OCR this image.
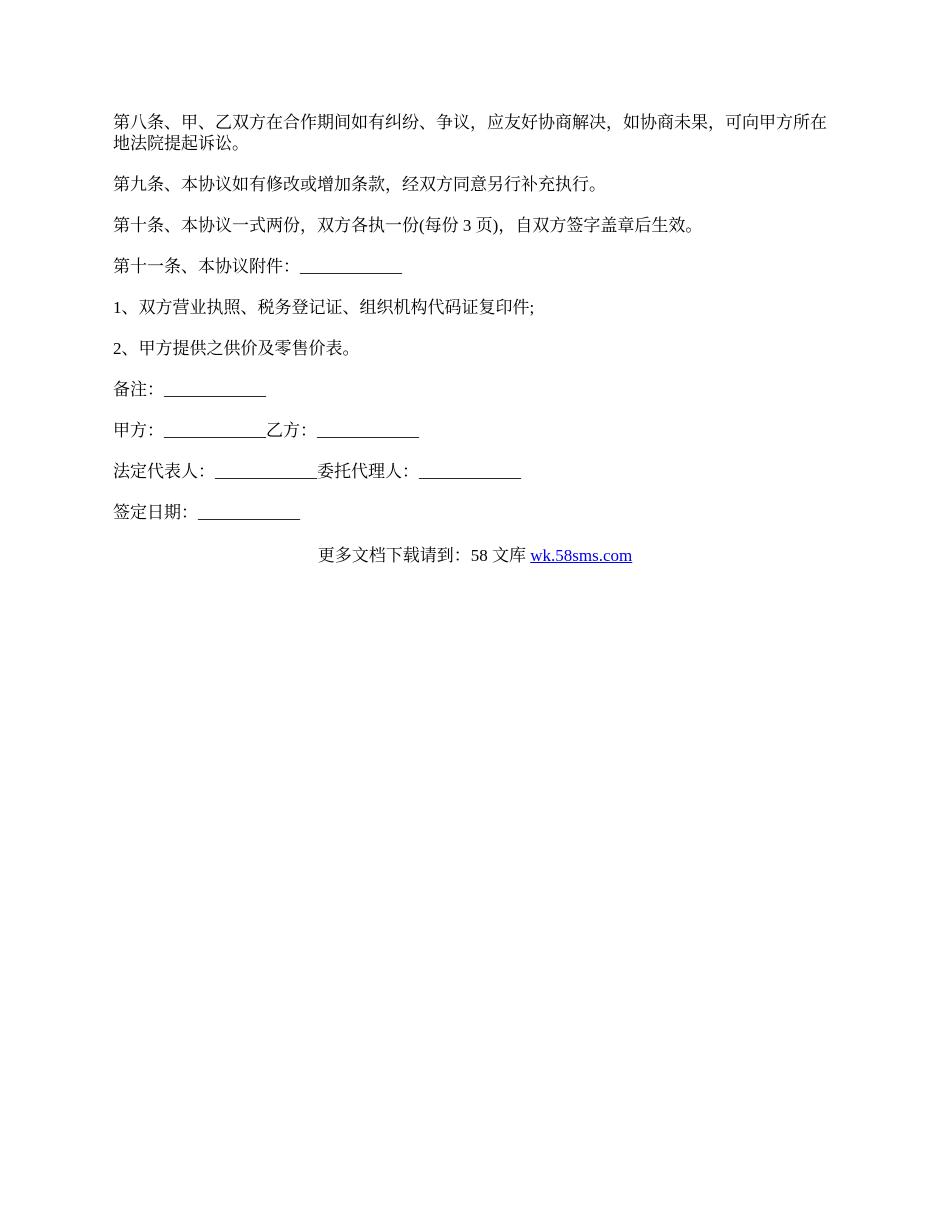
第八条、甲、乙双方在合作期间如有纠纷、争议，应友好协商解决，如协商未果，可向甲方所在地法院提起诉讼。

第九条、本协议如有修改或增加条款，经双方同意另行补充执行。

第十条、本协议一式两份，双方各执一份(每份 3 页)，自双方签字盖章后生效。

第十一条、本协议附件：____________

1、双方营业执照、税务登记证、组织机构代码证复印件;

2、甲方提供之供价及零售价表。

备注：____________

甲方：____________乙方：____________

法定代表人：____________委托代理人：____________

签定日期：____________

更多文档下载请到：58 文库 wk.58sms.com
